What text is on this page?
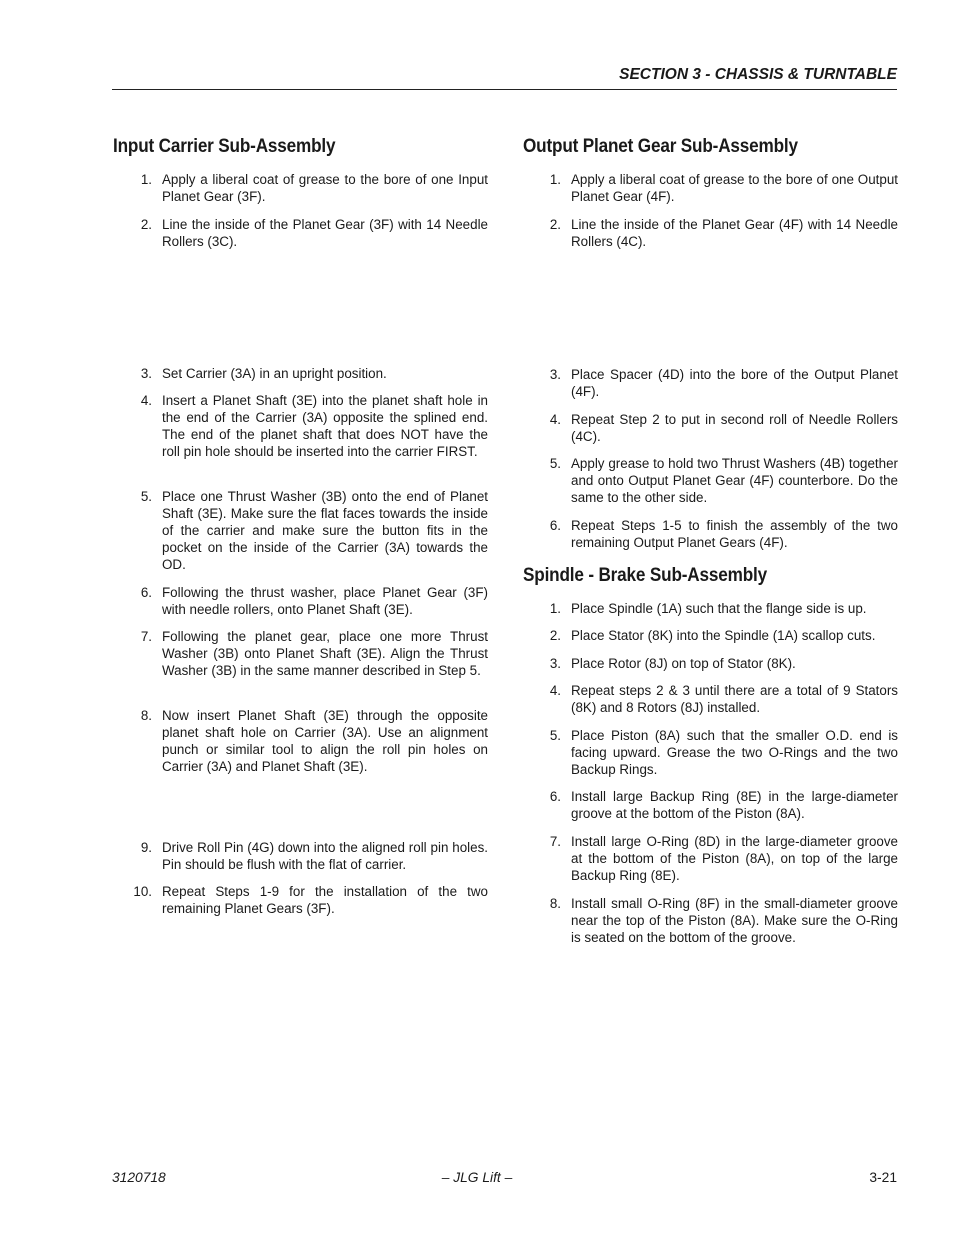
SECTION 3 - CHASSIS & TURNTABLE
Input Carrier Sub-Assembly
1. Apply a liberal coat of grease to the bore of one Input Planet Gear (3F).
2. Line the inside of the Planet Gear (3F) with 14 Needle Rollers (3C).
3. Set Carrier (3A) in an upright position.
4. Insert a Planet Shaft (3E) into the planet shaft hole in the end of the Carrier (3A) opposite the splined end. The end of the planet shaft that does NOT have the roll pin hole should be inserted into the carrier FIRST.
5. Place one Thrust Washer (3B) onto the end of Planet Shaft (3E). Make sure the flat faces towards the inside of the carrier and make sure the button fits in the pocket on the inside of the Carrier (3A) towards the OD.
6. Following the thrust washer, place Planet Gear (3F) with needle rollers, onto Planet Shaft (3E).
7. Following the planet gear, place one more Thrust Washer (3B) onto Planet Shaft (3E). Align the Thrust Washer (3B) in the same manner described in Step 5.
8. Now insert Planet Shaft (3E) through the opposite planet shaft hole on Carrier (3A). Use an alignment punch or similar tool to align the roll pin holes on Carrier (3A) and Planet Shaft (3E).
9. Drive Roll Pin (4G) down into the aligned roll pin holes. Pin should be flush with the flat of carrier.
10. Repeat Steps 1-9 for the installation of the two remaining Planet Gears (3F).
Output Planet Gear Sub-Assembly
1. Apply a liberal coat of grease to the bore of one Output Planet Gear (4F).
2. Line the inside of the Planet Gear (4F) with 14 Needle Rollers (4C).
3. Place Spacer (4D) into the bore of the Output Planet (4F).
4. Repeat Step 2 to put in second roll of Needle Rollers (4C).
5. Apply grease to hold two Thrust Washers (4B) together and onto Output Planet Gear (4F) counterbore. Do the same to the other side.
6. Repeat Steps 1-5 to finish the assembly of the two remaining Output Planet Gears (4F).
Spindle - Brake Sub-Assembly
1. Place Spindle (1A) such that the flange side is up.
2. Place Stator (8K) into the Spindle (1A) scallop cuts.
3. Place Rotor (8J) on top of Stator (8K).
4. Repeat steps 2 & 3 until there are a total of 9 Stators (8K) and 8 Rotors (8J) installed.
5. Place Piston (8A) such that the smaller O.D. end is facing upward. Grease the two O-Rings and the two Backup Rings.
6. Install large Backup Ring (8E) in the large-diameter groove at the bottom of the Piston (8A).
7. Install large O-Ring (8D) in the large-diameter groove at the bottom of the Piston (8A), on top of the large Backup Ring (8E).
8. Install small O-Ring (8F) in the small-diameter groove near the top of the Piston (8A). Make sure the O-Ring is seated on the bottom of the groove.
3120718	– JLG Lift –	3-21
